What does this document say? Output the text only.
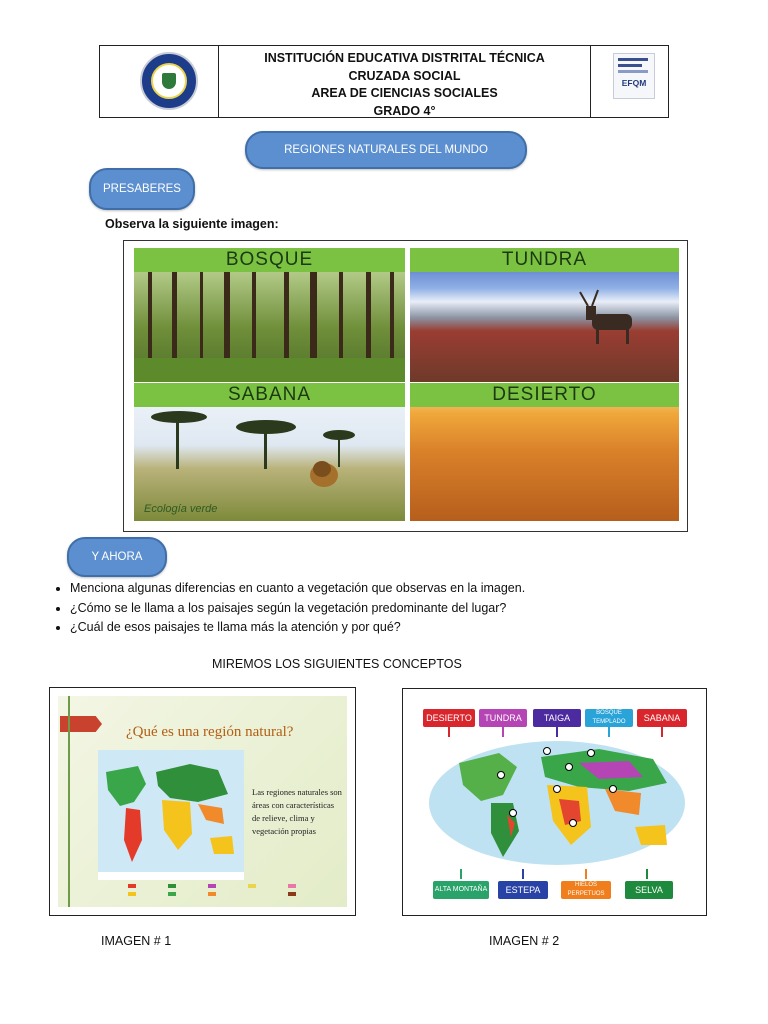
INSTITUCIÓN EDUCATIVA DISTRITAL TÉCNICA
CRUZADA SOCIAL
AREA DE CIENCIAS SOCIALES
GRADO 4°
EFQM
REGIONES NATURALES DEL MUNDO
PRESABERES
Observa la siguiente imagen:
BOSQUE	TUNDRA
SABANA
Ecología verde
DESIERTO
Y AHORA
• Menciona algunas diferencias en cuanto a vegetación que observas en la imagen.
• ¿Cómo se le llama a los paisajes según la vegetación predominante del lugar?
• ¿Cuál de esos paisajes te llama más la atención y por qué?
MIREMOS LOS SIGUIENTES CONCEPTOS
¿Qué es una región natural?
Las regiones naturales son áreas con características de relieve, clima y vegetación propias
DESIERTO	TUNDRA	TAIGA	BOSQUE TEMPLADO	SABANA
ALTA MONTAÑA	ESTEPA	HIELOS PERPETUOS	SELVA
IMAGEN # 1	IMAGEN # 2
